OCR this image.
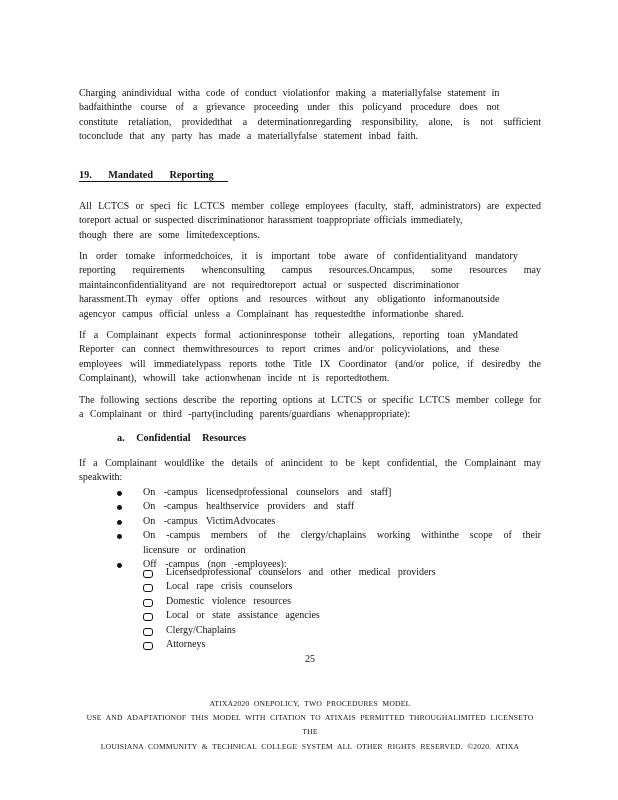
Charging anindividual witha code of conduct violationfor making a materiallyfalse statement in
badfaithinthe course of a grievance proceeding under this policyand procedure does not
constitute retaliation, providedthat a determinationregarding responsibility, alone, is not sufficient
toconclude that any party has made a materiallyfalse statement inbad faith.
19. Mandated Reporting
All LCTCS or speci fic LCTCS member college employees (faculty, staff, administrators) are expected
toreport actual or suspected discriminationor harassment toappropriate officials immediately,
though there are some limitedexceptions.
In order tomake informedchoices, it is important tobe aware of confidentialityand mandatory
reporting requirements whenconsulting campus resources.Oncampus, some resources may
maintainconfidentialityand are not requiredtoreport actual or suspected discriminationor
harassment.Th eymay offer options and resources without any obligationto informanoutside
agencyor campus official unless a Complainant has requestedthe informationbe shared.
If a Complainant expects formal actioninresponse totheir allegations, reporting toan yMandated
Reporter can connect themwithresources to report crimes and/or policyviolations, and these
employees will immediatelypass reports tothe Title IX Coordinator (and/or police, if desiredby the
Complainant), whowill take actionwhenan incide nt is reportedtothem.
The following sections describe the reporting options at LCTCS or specific LCTCS member college for
a Complainant or third -party(including parents/guardians whenappropriate):
a. Confidential Resources
If a Complainant wouldlike the details of anincident to be kept confidential, the Complainant may
speakwith:
On -campus licensedprofessional counselors and staff]
On -campus healthservice providers and staff
On -campus VictimAdvocates
On -campus members of the clergy/chaplains working withinthe scope of their
licensure or ordination
Off -campus (non -employees):
Licensedprofessional counselors and other medical providers
Local rape crisis counselors
Domestic violence resources
Local or state assistance agencies
Clergy/Chaplains
Attorneys
25
ATIXA2020 ONEPOLICY, TWO PROCEDURES MODEL
USE AND ADAPTATIONOF THIS MODEL WITH CITATION TO ATIXAIS PERMITTED THROUGHALIMITED LICENSETO THE
LOUISIANA COMMUNITY & TECHNICAL COLLEGE SYSTEM ALL OTHER RIGHTS RESERVED. ©2020. ATIXA
